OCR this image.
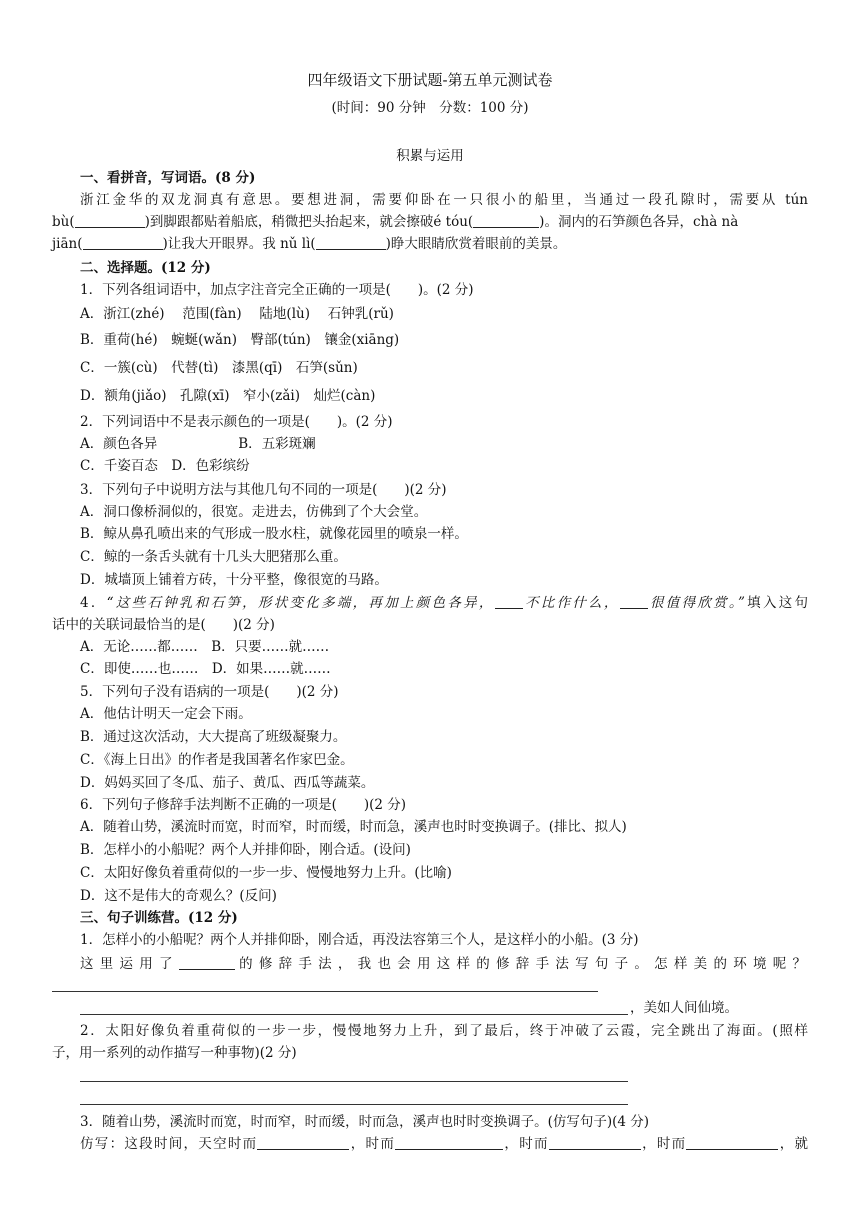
四年级语文下册试题-第五单元测试卷
(时间：90 分钟　分数：100 分)
积累与运用
一、看拼音，写词语。(8 分)
浙江金华的双龙洞真有意思。要想进洞，需要仰卧在一只很小的船里，当通过一段孔隙时，需要从 tún
bù(	)到脚跟都贴着船底，稍微把头抬起来，就会擦破é tóu(	)。洞内的石笋颜色各异，chà nà
jiān(	)让我大开眼界。我 nǔ lì(	)睁大眼睛欣赏着眼前的美景。
二、选择题。(12 分)
1．下列各组词语中，加点字注音完全正确的一项是(　　)。(2 分)
A．浙江(zhé)　 范围(fàn)　 陆地(lù)　 石钟乳(rǔ)
B．重荷(hé)　蜿蜒(wǎn)　臀部(tún)　镶金(xiāng)
C．一簇(cù)　代替(tì)　漆黑(qī)　石笋(sǔn)
D．额角(jiǎo)　孔隙(xī)　窄小(zǎi)　灿烂(càn)
2．下列词语中不是表示颜色的一项是(　　)。(2 分)
A．颜色各异　　　　　　B．五彩斑斓
C．千姿百态　D．色彩缤纷
3．下列句子中说明方法与其他几句不同的一项是(　　)(2 分)
A．洞口像桥洞似的，很宽。走进去，仿佛到了个大会堂。
B．鲸从鼻孔喷出来的气形成一股水柱，就像花园里的喷泉一样。
C．鲸的一条舌头就有十几头大肥猪那么重。
D．城墙顶上铺着方砖，十分平整，像很宽的马路。
4．“这些石钟乳和石笋，形状变化多端，再加上颜色各异， 不比作什么， 很值得欣赏。”填入这句
话中的关联词最恰当的是(　　)(2 分)
A．无论……都……　B．只要……就……
C．即使……也……　D．如果……就……
5．下列句子没有语病的一项是(　　)(2 分)
A．他估计明天一定会下雨。
B．通过这次活动，大大提高了班级凝聚力。
C．《海上日出》的作者是我国著名作家巴金。
D．妈妈买回了冬瓜、茄子、黄瓜、西瓜等蔬菜。
6．下列句子修辞手法判断不正确的一项是(　　)(2 分)
A．随着山势，溪流时而宽，时而窄，时而缓，时而急，溪声也时时变换调子。(排比、拟人)
B．怎样小的小船呢？两个人并排仰卧，刚合适。(设问)
C．太阳好像负着重荷似的一步一步、慢慢地努力上升。(比喻)
D．这不是伟大的奇观么？(反问)
三、句子训练营。(12 分)
1．怎样小的小船呢？两个人并排仰卧，刚合适，再没法容第三个人，是这样小的小船。(3 分)
这里运用了	的修辞手法，我也会用这样的修辞手法写句子。怎样美的环境呢？
，美如人间仙境。
2．太阳好像负着重荷似的一步一步，慢慢地努力上升，到了最后，终于冲破了云霞，完全跳出了海面。(照样
子，用一系列的动作描写一种事物)(2 分)
3．随着山势，溪流时而宽，时而窄，时而缓，时而急，溪声也时时变换调子。(仿写句子)(4 分)
仿写：这段时间，天空时而	，时而	，时而	，时而	，就
